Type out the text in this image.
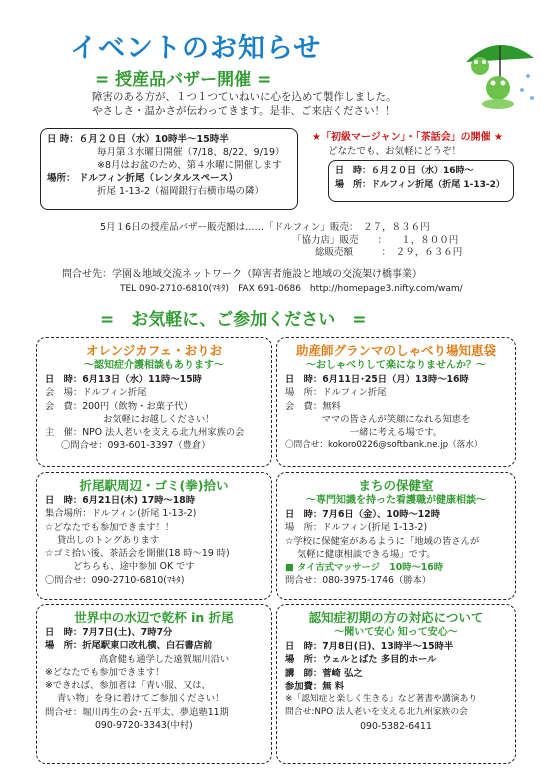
イベントのお知らせ
= 授産品バザー開催 =
障害のある方が、１つ１つていねいに心を込めて製作しました。
やさしさ・温かさが伝わってきます。是非、ご来店ください！！
日 時：６月２０日（水）10時半〜15時半
毎月第３水曜日開催（7/18、8/22、9/19）
※8月はお盆のため、第４水曜に開催します
場所： ドルフィン折尾（レンタルスペース）
折尾 1-13-2（福岡銀行右横市場の隣）
★「初級マージャン」・「茶話会」の開催 ★
どなたでも、お気軽にどうぞ！
日　時：６月２０日（水）16時〜
場　所：ドルフィン折尾（折尾 1-13-2）
5月１6日の授産品バザー販売額は‥‥‥「ドルフィン」販売：　２７，８３６円
「協力店」販売　　：　　１，８００円
総販売額　　　：　２９，６３６円
問合せ先：学園＆地域交流ネットワーク（障害者施設と地域の交流架け橋事業）
TEL 090-2710-6810(ﾏｷﾀ)　FAX 691-0686　http://homepage3.nifty.com/wam/
=　お気軽に、ご参加ください　=
オレンジカフェ・おりお
〜認知症介護相談もあります〜
日　時：6月13日（水）11時〜15時
会　場：ドルフィン折尾
会　費：200円（飲物・お菓子代）
お気軽にお越しください！
主　催：NPO 法人老いを支える北九州家族の会
〇問合せ：093-601-3397（豊倉）
助産師グランマのしゃべり場知恵袋
〜おしゃべりして楽になりませんか？〜
日　時：6月11日･25日（月）13時〜16時
場　所：ドルフィン折尾
会　費：無料
ママの皆さんが笑顔になれる知恵を
一緒に考える場です。
〇問合せ：kokoro0226@softbank.ne.jp（落水）
折尾駅周辺・ゴミ(拳)拾い
日　時：6月21日(木) 17時〜18時
集合場所：ドルフィン(折尾 1-13-2)
☆どなたでも参加できます！！
貸出しのトングあります
☆ゴミ拾い後、茶話会を開催(18 時〜19 時)
どちらも、途中参加 OK です
〇問合せ：090-2710-6810(ﾏｷﾀ)
まちの保健室
〜専門知識を持った看護職が健康相談〜
日　時：7月6日（金）、10時〜12時
場　所：ドルフィン(折尾 1-13-2)
☆学校に保健室があるように「地域の皆さんが
気軽に健康相談できる場」です。
■ タイ古式マッサージ　10時〜16時
問合せ：080-3975-1746（勝本）
世界中の水辺で乾杯 in 折尾
日　時：7月7日(土)、7時7分
場　所：折尾駅東口改札横、白石書店前
高倉健も通学した遠賀堀川沿い
※どなたでも参加できます！
※できれば、参加者は「青い服、又は、
青い物」を身に着けてご参加ください！
問合せ：堀川再生の会･五平太、夢追塾11期
090-9720-3343(中村)
認知症初期の方の対応について
〜聞いて安心 知って安心〜
日　時：7月8日(日)、13時半〜15時半
場　所：ウェルとばた 多目的ホール
講　師：菅崎 弘之
参加費：無 料
※「認知症と楽しく生きる」など著書や講演あり
問合せ:NPO 法人老いを支える北九州家族の会
090-5382-6411
